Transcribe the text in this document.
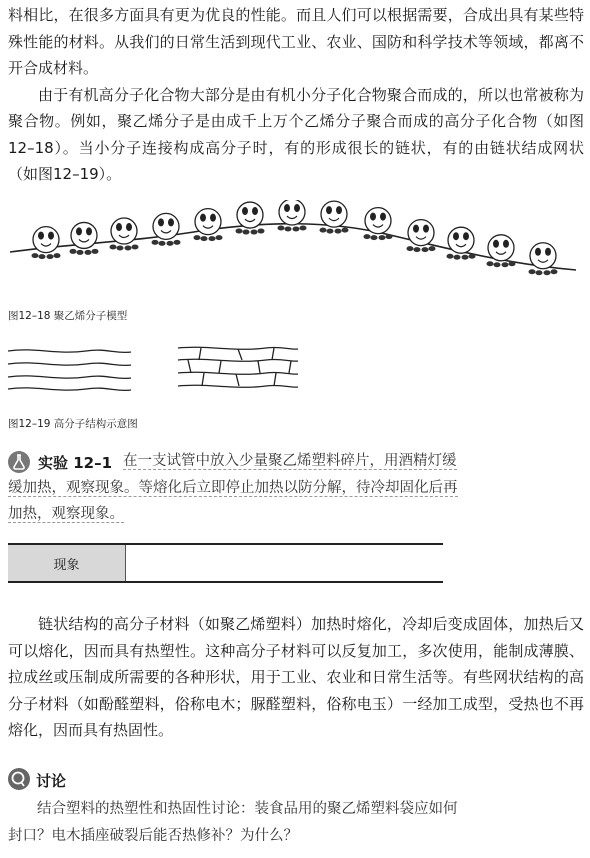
料相比，在很多方面具有更为优良的性能。而且人们可以根据需要，合成出具有某些特殊性能的材料。从我们的日常生活到现代工业、农业、国防和科学技术等领域，都离不开合成材料。

由于有机高分子化合物大部分是由有机小分子化合物聚合而成的，所以也常被称为聚合物。例如，聚乙烯分子是由成千上万个乙烯分子聚合而成的高分子化合物（如图12–18）。当小分子连接构成高分子时，有的形成很长的链状，有的由链状结成网状（如图12–19）。

图12–18 聚乙烯分子模型
图12–19 高分子结构示意图
实验 12–1 在一支试管中放入少量聚乙烯塑料碎片，用酒精灯缓缓加热，观察现象。等熔化后立即停止加热以防分解，待冷却固化后再加热，观察现象。
现象
链状结构的高分子材料（如聚乙烯塑料）加热时熔化，冷却后变成固体，加热后又可以熔化，因而具有热塑性。这种高分子材料可以反复加工，多次使用，能制成薄膜、拉成丝或压制成所需要的各种形状，用于工业、农业和日常生活等。有些网状结构的高分子材料（如酚醛塑料，俗称电木；脲醛塑料，俗称电玉）一经加工成型，受热也不再熔化，因而具有热固性。
讨论
结合塑料的热塑性和热固性讨论：装食品用的聚乙烯塑料袋应如何封口？电木插座破裂后能否热修补？为什么？
